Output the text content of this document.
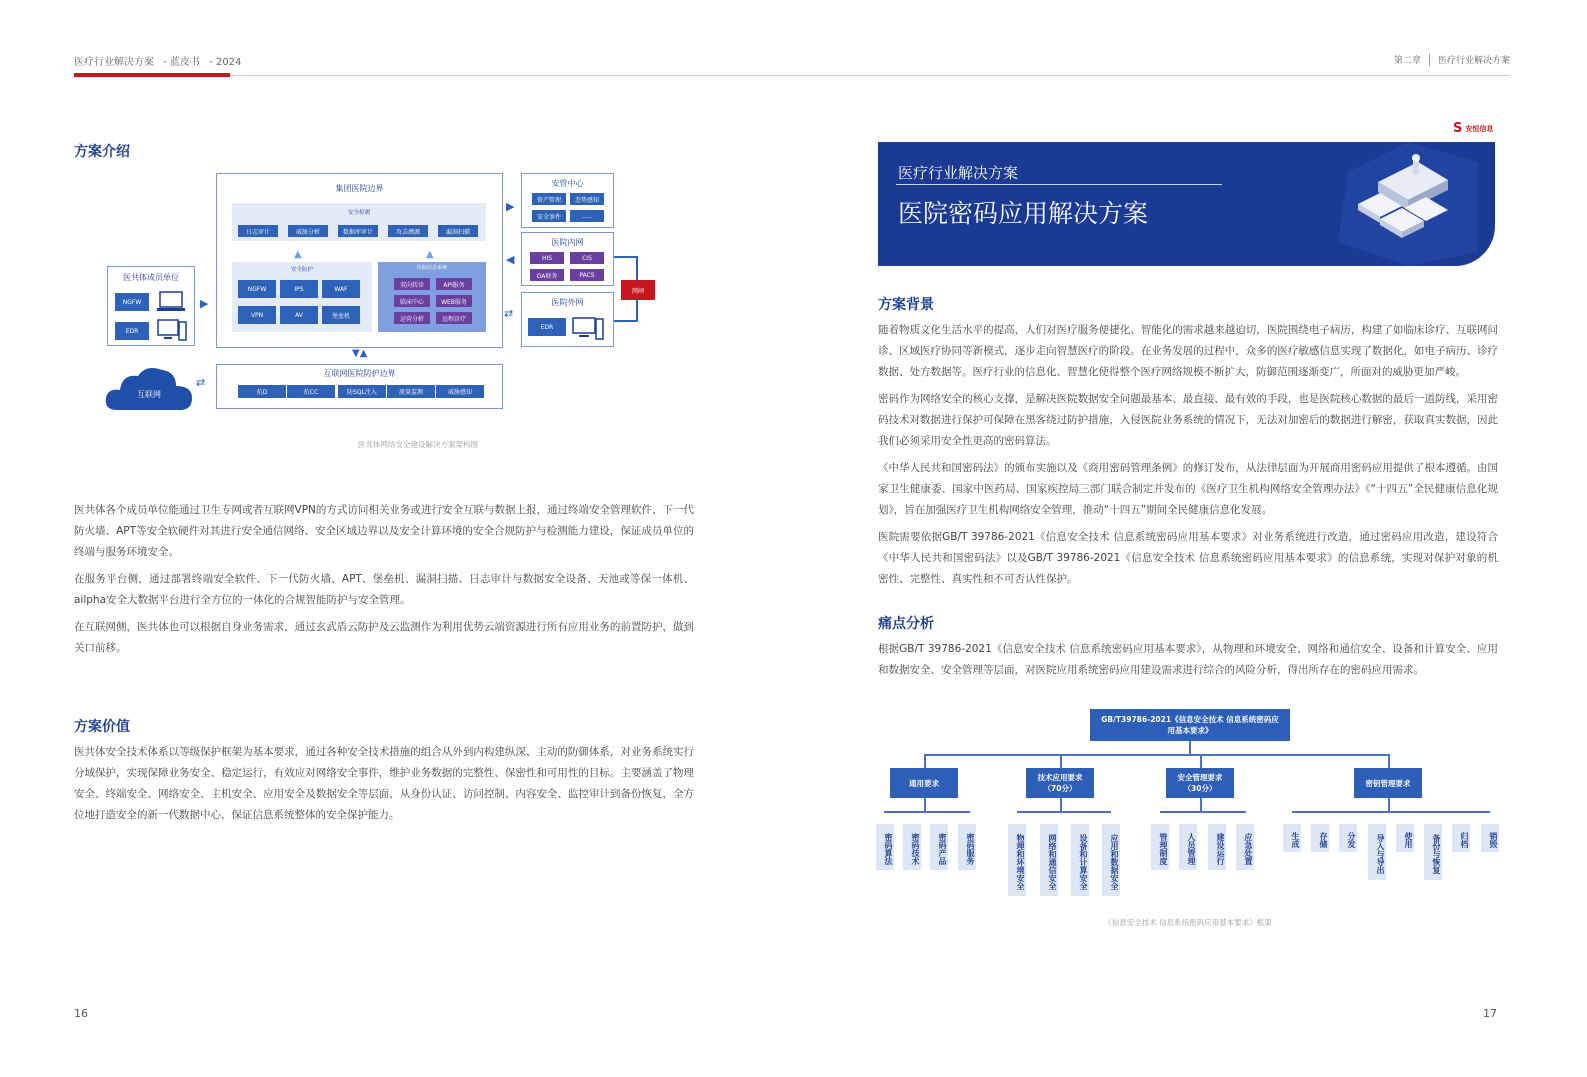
医疗行业解决方案 - 蓝皮书 - 2024	第二章 医疗行业解决方案
方案介绍
集团医院边界
安全检测
日志审计	威胁分析	数据库审计	攻击溯源	漏洞扫描
▲	▲
安全防护
NGFW	IPS	WAF
VPN	AV	堡垒机
医院信息系统
双向转诊	API服务
临床中心	WEB服务
运营分析	远程诊疗
医共体成员单位
NGFW
EDR
▶
安管中心
资产管理	态势感知
安全事件	......
▶
医院内网
HIS	CIS
OA财务	PACS
◀
网闸
医院外网
EDR
⇄
▼▲
互联网医院防护边界
抗D	抗CC	防SQL注入	流量监测	威胁感知
⇄
互联网
医共体网络安全建设解决方案架构图

医共体各个成员单位能通过卫生专网或者互联网VPN的方式访问相关业务或进行安全互联与数据上报，通过终端安全管理软件、下一代防火墙、APT等安全软硬件对其进行安全通信网络、安全区域边界以及安全计算环境的安全合规防护与检测能力建设，保证成员单位的终端与服务环境安全。

在服务平台侧，通过部署终端安全软件、下一代防火墙、APT、堡垒机、漏洞扫描、日志审计与数据安全设备、天池或等保一体机、ailpha安全大数据平台进行全方位的一体化的合规智能防护与安全管理。

在互联网侧，医共体也可以根据自身业务需求，通过玄武盾云防护及云监测作为利用优势云端资源进行所有应用业务的前置防护，做到关口前移。

方案价值

医共体安全技术体系以等级保护框架为基本要求，通过各种安全技术措施的组合从外到内构建纵深、主动的防御体系，对业务系统实行分域保护，实现保障业务安全、稳定运行，有效应对网络安全事件，维护业务数据的完整性、保密性和可用性的目标。主要涵盖了物理安全、终端安全、网络安全、主机安全、应用安全及数据安全等层面，从身份认证、访问控制、内容安全、监控审计到备份恢复，全方位地打造安全的新一代数据中心，保证信息系统整体的安全保护能力。

16
S 安恒信息
医疗行业解决方案
医院密码应用解决方案
方案背景

随着物质文化生活水平的提高，人们对医疗服务便捷化、智能化的需求越来越迫切，医院围绕电子病历，构建了如临床诊疗、互联网问诊、区域医疗协同等新模式，逐步走向智慧医疗的阶段。在业务发展的过程中，众多的医疗敏感信息实现了数据化，如电子病历、诊疗数据、处方数据等。医疗行业的信息化、智慧化使得整个医疗网络规模不断扩大，防御范围逐渐变广，所面对的威胁更加严峻。

密码作为网络安全的核心支撑，是解决医院数据安全问题最基本、最直接、最有效的手段，也是医院核心数据的最后一道防线，采用密码技术对数据进行保护可保障在黑客绕过防护措施，入侵医院业务系统的情况下，无法对加密后的数据进行解密，获取真实数据，因此我们必须采用安全性更高的密码算法。

《中华人民共和国密码法》的颁布实施以及《商用密码管理条例》的修订发布，从法律层面为开展商用密码应用提供了根本遵循。由国家卫生健康委、国家中医药局、国家疾控局三部门联合制定并发布的《医疗卫生机构网络安全管理办法》《“十四五”全民健康信息化规划》，旨在加强医疗卫生机构网络安全管理，推动“十四五”期间全民健康信息化发展。

医院需要依据GB/T 39786-2021《信息安全技术 信息系统密码应用基本要求》对业务系统进行改造，通过密码应用改造，建设符合《中华人民共和国密码法》以及GB/T 39786-2021《信息安全技术 信息系统密码应用基本要求》的信息系统，实现对保护对象的机密性、完整性、真实性和不可否认性保护。

痛点分析

根据GB/T 39786-2021《信息安全技术 信息系统密码应用基本要求》，从物理和环境安全、网络和通信安全、设备和计算安全、应用和数据安全、安全管理等层面，对医院应用系统密码应用建设需求进行综合的风险分析，得出所存在的密码应用需求。

GB/T39786-2021《信息安全技术 信息系统密码应用基本要求》
通用要求
技术应用要求（70分）
安全管理要求（30分）
密钥管理要求
密码算法	密码技术	密码产品	密码服务	物理和环境安全	网络和通信安全	设备和计算安全	应用和数据安全	管理制度	人员管理	建设运行	应急处置	生成	存储	分发	导入与导出	使用	备份与恢复	归档	销毁
《信息安全技术 信息系统密码应用基本要求》框架
17
